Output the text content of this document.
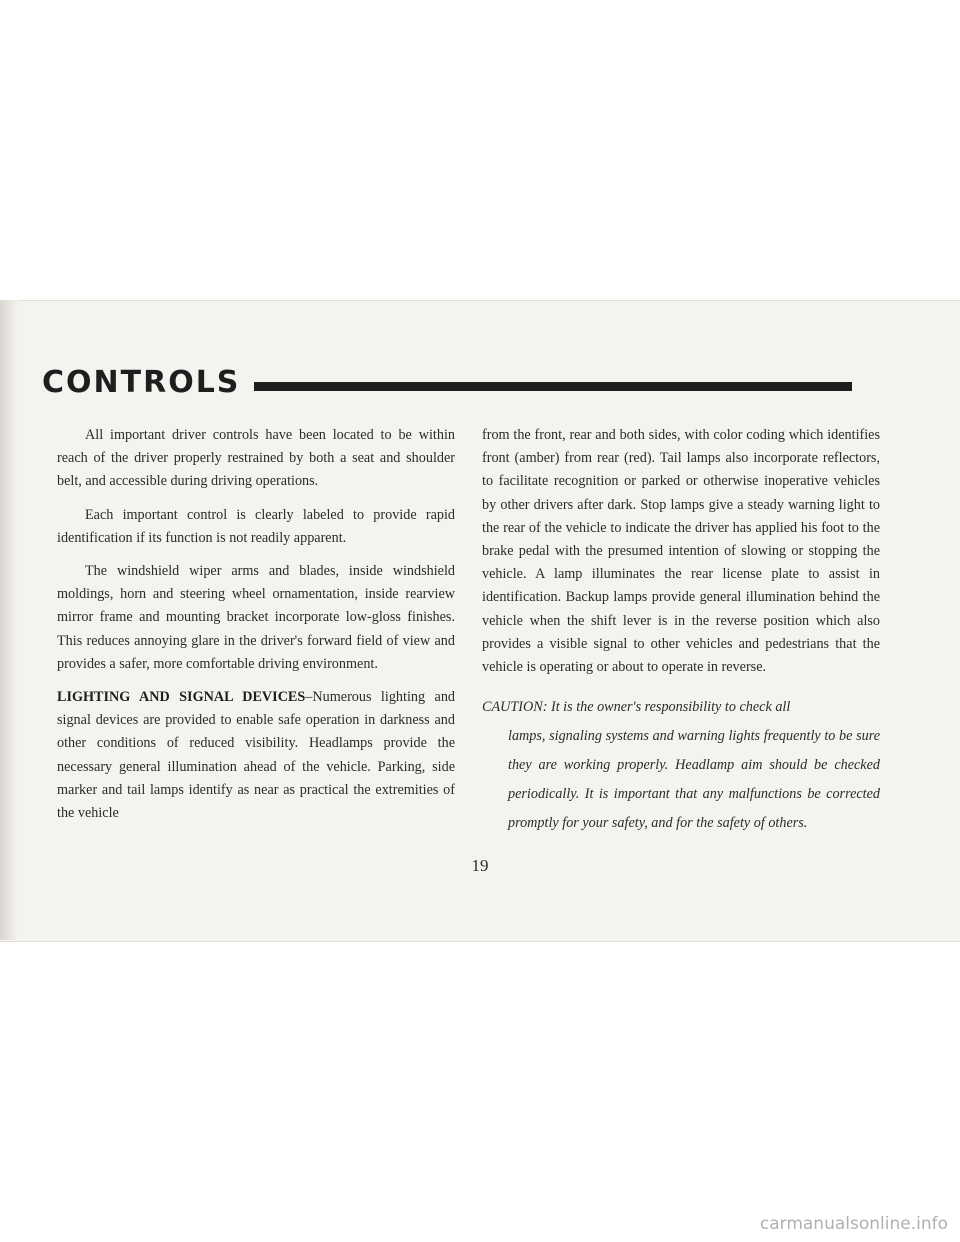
CONTROLS

All important driver controls have been located to be within reach of the driver properly restrained by both a seat and shoulder belt, and accessible during driving operations.

Each important control is clearly labeled to provide rapid identification if its function is not readily apparent.

The windshield wiper arms and blades, inside windshield moldings, horn and steering wheel ornamentation, inside rearview mirror frame and mounting bracket incorporate low-gloss finishes. This reduces annoying glare in the driver's forward field of view and provides a safer, more comfortable driving environment.

LIGHTING AND SIGNAL DEVICES–Numerous lighting and signal devices are provided to enable safe operation in darkness and other conditions of reduced visibility. Headlamps provide the necessary general illumination ahead of the vehicle. Parking, side marker and tail lamps identify as near as practical the extremities of the vehicle

from the front, rear and both sides, with color coding which identifies front (amber) from rear (red). Tail lamps also incorporate reflectors, to facilitate recognition or parked or otherwise inoperative vehicles by other drivers after dark. Stop lamps give a steady warning light to the rear of the vehicle to indicate the driver has applied his foot to the brake pedal with the presumed intention of slowing or stopping the vehicle. A lamp illuminates the rear license plate to assist in identification. Backup lamps provide general illumination behind the vehicle when the shift lever is in the reverse position which also provides a visible signal to other vehicles and pedestrians that the vehicle is operating or about to operate in reverse.

CAUTION: It is the owner's responsibility to check all
lamps, signaling systems and warning lights frequently to be sure they are working properly. Headlamp aim should be checked periodically. It is important that any malfunctions be corrected promptly for your safety, and for the safety of others.
19
carmanualsonline.info
